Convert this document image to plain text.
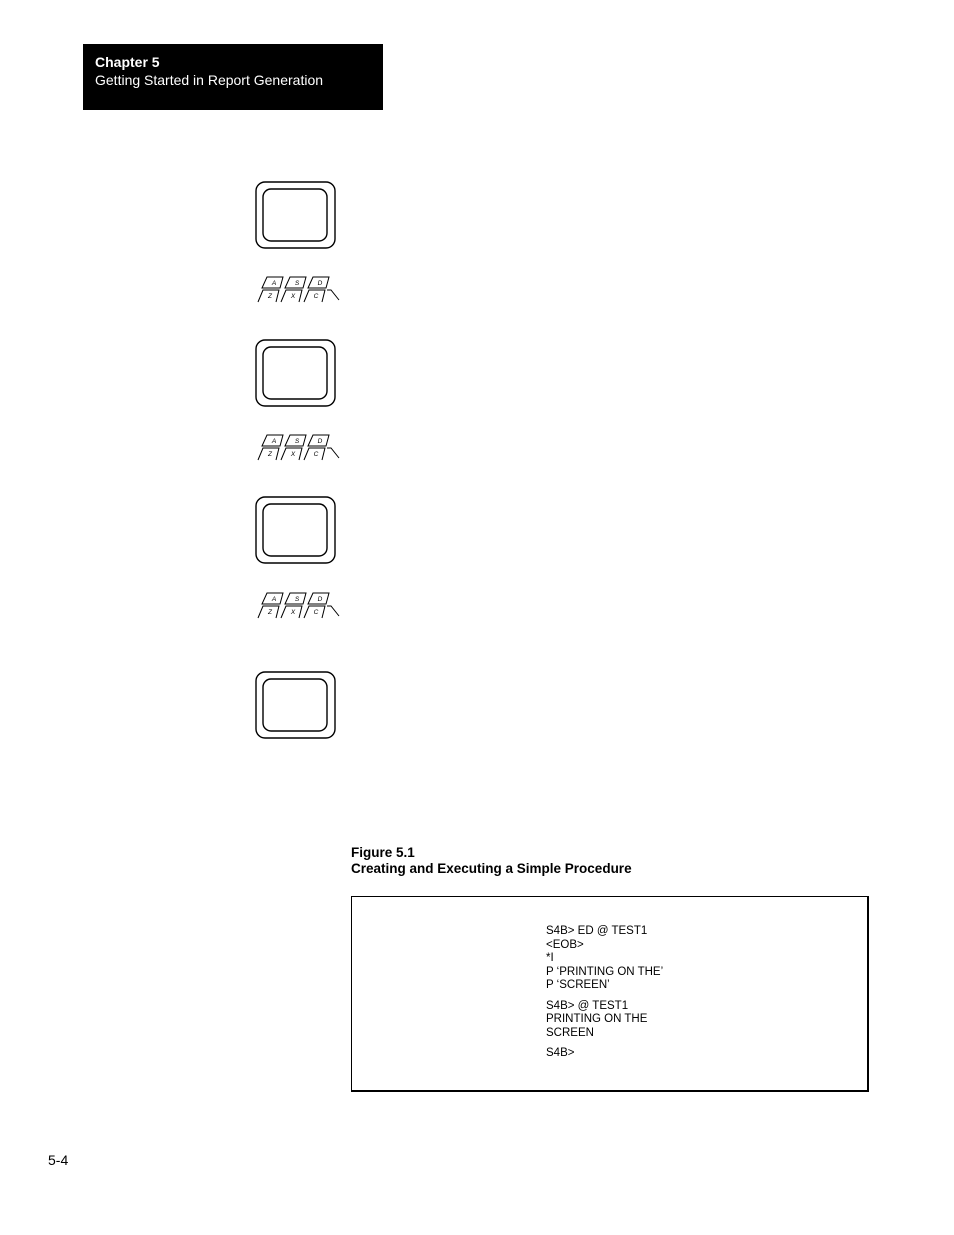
Chapter 5
Getting Started in Report Generation
A	S	D
Z	X	C
A	S	D
Z	X	C
A	S	D
Z	X	C
Figure 5.1
Creating and Executing a Simple Procedure
S4B> ED @ TEST1
<EOB>
*I
P ‘PRINTING ON THE’
P ‘SCREEN’
S4B> @ TEST1
PRINTING ON THE
SCREEN
S4B>
5-4
